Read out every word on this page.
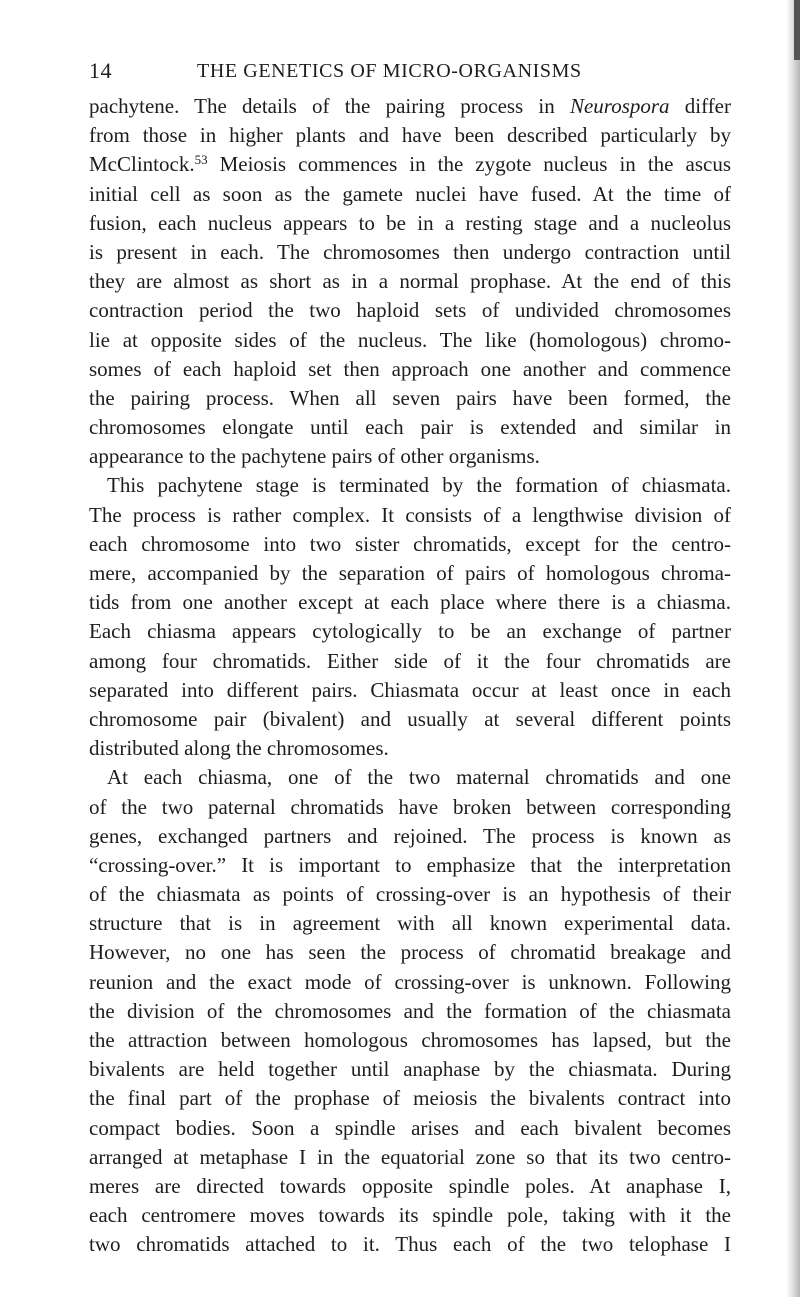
14	THE GENETICS OF MICRO-ORGANISMS
pachytene. The details of the pairing process in Neurospora differ
from those in higher plants and have been described particularly by
McClintock.$^{53}$ Meiosis commences in the zygote nucleus in the ascus
initial cell as soon as the gamete nuclei have fused. At the time of
fusion, each nucleus appears to be in a resting stage and a nucleolus
is present in each. The chromosomes then undergo contraction until
they are almost as short as in a normal prophase. At the end of this
contraction period the two haploid sets of undivided chromosomes
lie at opposite sides of the nucleus. The like (homologous) chromo-
somes of each haploid set then approach one another and commence
the pairing process. When all seven pairs have been formed, the
chromosomes elongate until each pair is extended and similar in
appearance to the pachytene pairs of other organisms.
This pachytene stage is terminated by the formation of chiasmata.
The process is rather complex. It consists of a lengthwise division of
each chromosome into two sister chromatids, except for the centro-
mere, accompanied by the separation of pairs of homologous chroma-
tids from one another except at each place where there is a chiasma.
Each chiasma appears cytologically to be an exchange of partner
among four chromatids. Either side of it the four chromatids are
separated into different pairs. Chiasmata occur at least once in each
chromosome pair (bivalent) and usually at several different points
distributed along the chromosomes.
At each chiasma, one of the two maternal chromatids and one
of the two paternal chromatids have broken between corresponding
genes, exchanged partners and rejoined. The process is known as
“crossing-over.” It is important to emphasize that the interpretation
of the chiasmata as points of crossing-over is an hypothesis of their
structure that is in agreement with all known experimental data.
However, no one has seen the process of chromatid breakage and
reunion and the exact mode of crossing-over is unknown. Following
the division of the chromosomes and the formation of the chiasmata
the attraction between homologous chromosomes has lapsed, but the
bivalents are held together until anaphase by the chiasmata. During
the final part of the prophase of meiosis the bivalents contract into
compact bodies. Soon a spindle arises and each bivalent becomes
arranged at metaphase I in the equatorial zone so that its two centro-
meres are directed towards opposite spindle poles. At anaphase I,
each centromere moves towards its spindle pole, taking with it the
two chromatids attached to it. Thus each of the two telophase I
